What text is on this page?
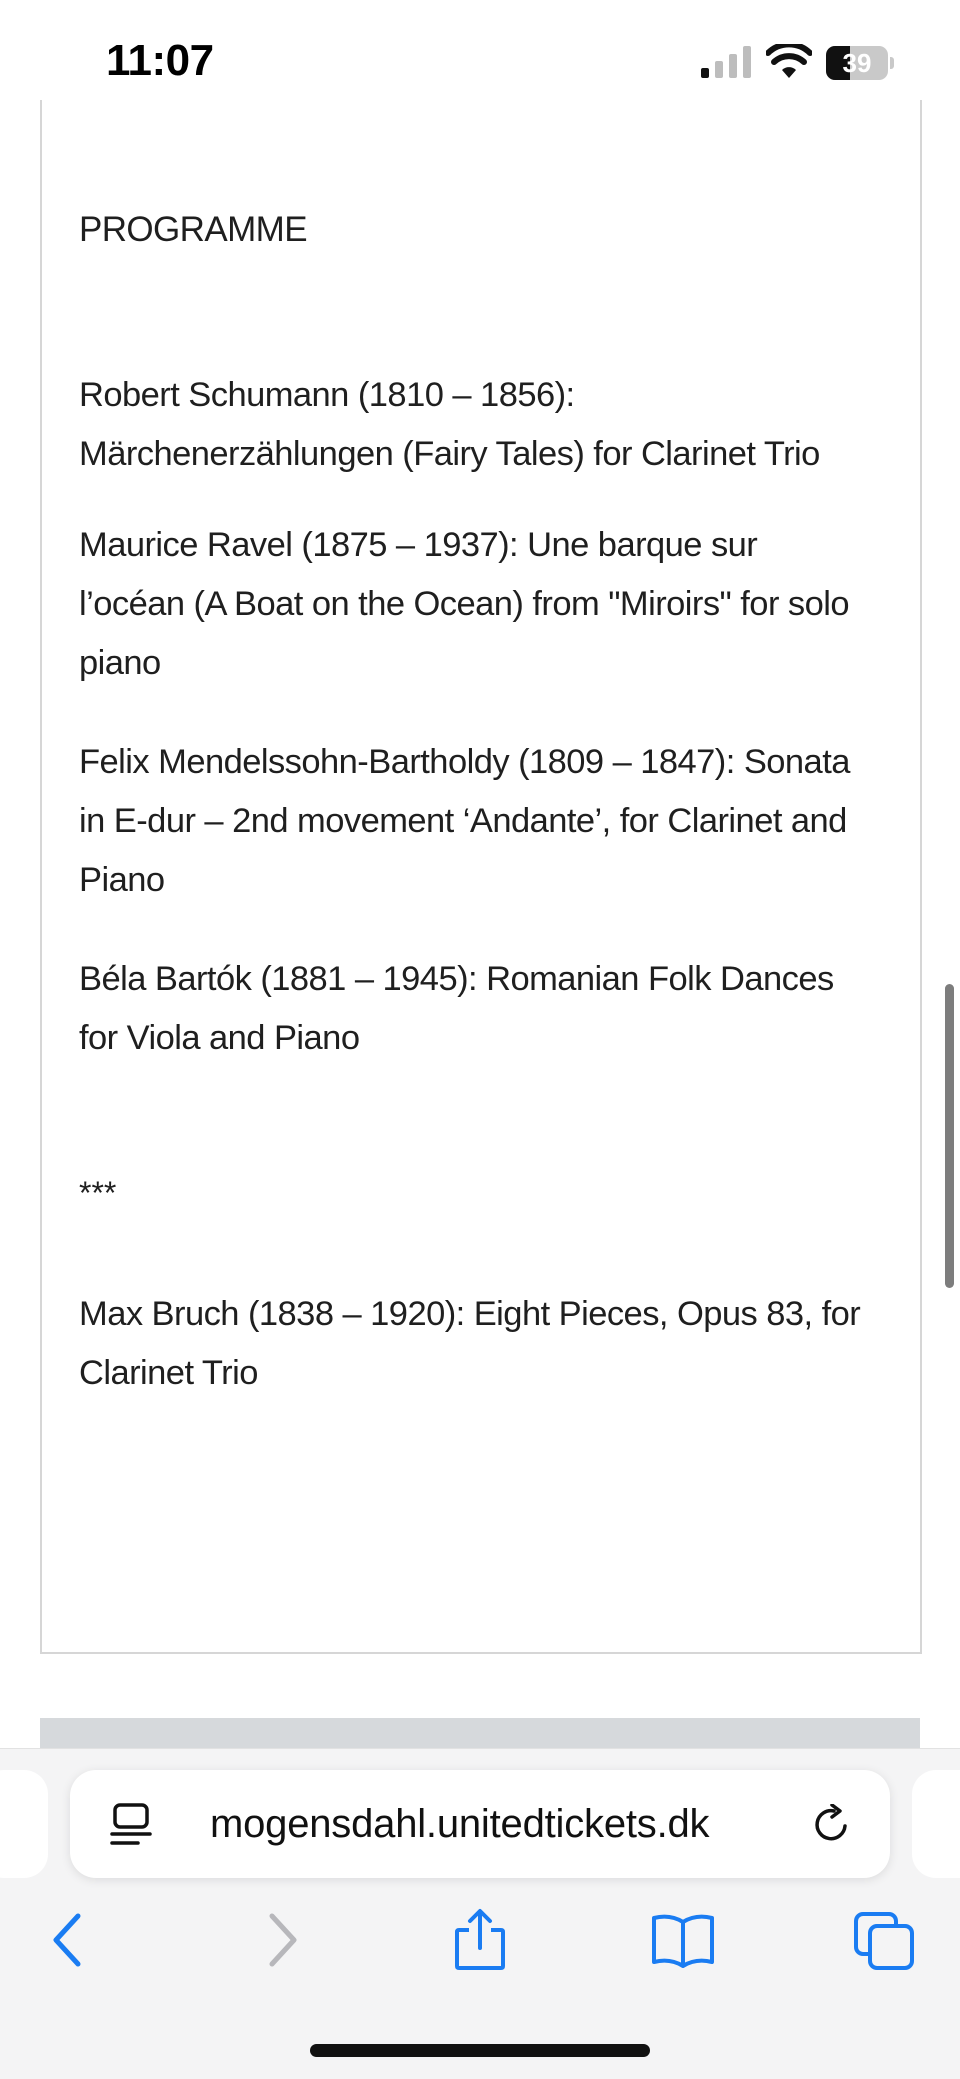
11:07	39
PROGRAMME

Robert Schumann (1810 – 1856):
Märchenerzählungen (Fairy Tales) for Clarinet Trio

Maurice Ravel (1875 – 1937): Une barque sur
l’océan (A Boat on the Ocean) from "Miroirs" for solo
piano

Felix Mendelssohn-Bartholdy (1809 – 1847): Sonata
in E-dur – 2nd movement ‘Andante’, for Clarinet and
Piano

Béla Bartók (1881 – 1945): Romanian Folk Dances
for Viola and Piano

***

Max Bruch (1838 – 1920): Eight Pieces, Opus 83, for
Clarinet Trio

mogensdahl.unitedtickets.dk
